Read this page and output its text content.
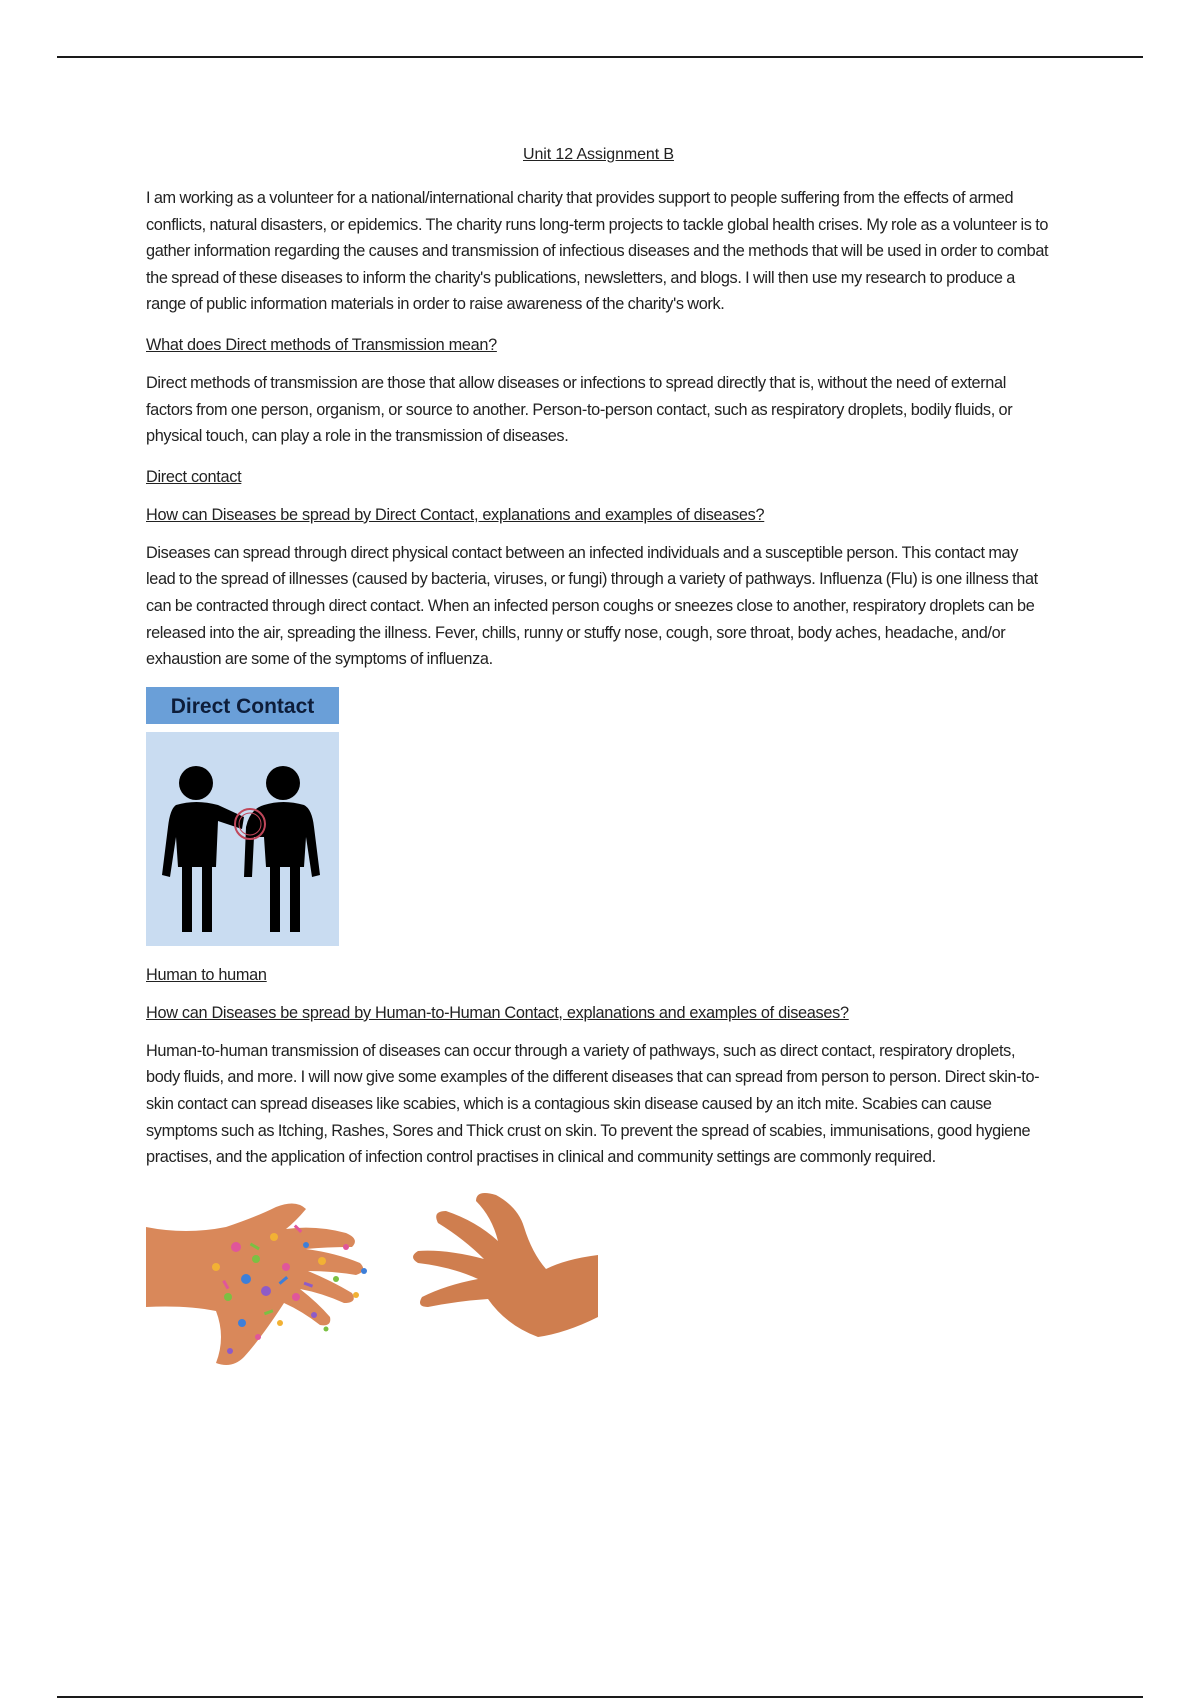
Unit 12 Assignment B

I am working as a volunteer for a national/international charity that provides support to people suffering from the effects of armed conflicts, natural disasters, or epidemics. The charity runs long-term projects to tackle global health crises. My role as a volunteer is to gather information regarding the causes and transmission of infectious diseases and the methods that will be used in order to combat the spread of these diseases to inform the charity's publications, newsletters, and blogs. I will then use my research to produce a range of public information materials in order to raise awareness of the charity's work.

What does Direct methods of Transmission mean?

Direct methods of transmission are those that allow diseases or infections to spread directly that is, without the need of external factors from one person, organism, or source to another. Person-to-person contact, such as respiratory droplets, bodily fluids, or physical touch, can play a role in the transmission of diseases.

Direct contact
How can Diseases be spread by Direct Contact, explanations and examples of diseases?

Diseases can spread through direct physical contact between an infected individuals and a susceptible person. This contact may lead to the spread of illnesses (caused by bacteria, viruses, or fungi) through a variety of pathways. Influenza (Flu) is one illness that can be contracted through direct contact. When an infected person coughs or sneezes close to another, respiratory droplets can be released into the air, spreading the illness. Fever, chills, runny or stuffy nose, cough, sore throat, body aches, headache, and/or exhaustion are some of the symptoms of influenza.

Direct Contact
Human to human
How can Diseases be spread by Human-to-Human Contact, explanations and examples of diseases?

Human-to-human transmission of diseases can occur through a variety of pathways, such as direct contact, respiratory droplets, body fluids, and more. I will now give some examples of the different diseases that can spread from person to person. Direct skin-to-skin contact can spread diseases like scabies, which is a contagious skin disease caused by an itch mite. Scabies can cause symptoms such as Itching, Rashes, Sores and Thick crust on skin. To prevent the spread of scabies, immunisations, good hygiene practises, and the application of infection control practises in clinical and community settings are commonly required.
